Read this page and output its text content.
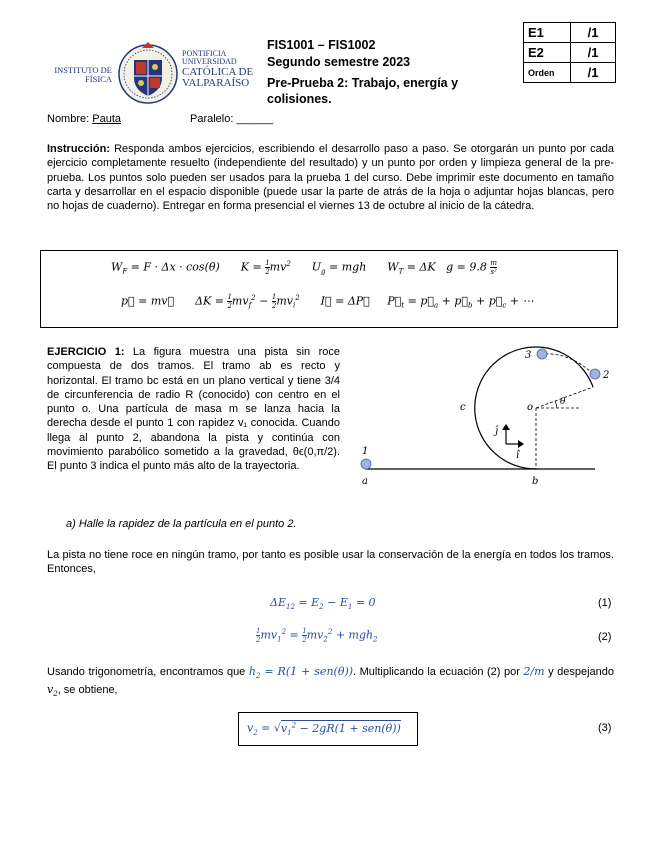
INSTITUTO DE
FÍSICA
PONTIFICIA
UNIVERSIDAD
CATÓLICA DE
VALPARAÍSO
FIS1001 – FIS1002
Segundo semestre 2023
Pre-Prueba 2: Trabajo, energía y colisiones.
E1	/1
E2	/1
Orden	/1
Nombre: Pauta	Paralelo: ______
Instrucción: Responda ambos ejercicios, escribiendo el desarrollo paso a paso. Se otorgarán un punto por cada ejercicio completamente resuelto (independiente del resultado) y un punto por orden y limpieza general de la pre-prueba. Los puntos solo pueden ser usados para la prueba 1 del curso. Debe imprimir este documento en tamaño carta y desarrollar en el espacio disponible (puede usar la parte de atrás de la hoja o adjuntar hojas blancas, pero no hojas de cuaderno). Entregar en forma presencial el viernes 13 de octubre al inicio de la cátedra.
$W_F = F \cdot \Delta x \cdot \cos(\theta)$      $K = \frac{1}{2} mv^2$      $U_g$ = mgh      $W_T = \Delta K$   $g = 9.8 \frac{m}{\text{s²}}$
p⃗ = mv⃗      $\Delta K = \frac{1}{2} mv_f^2 - \frac{1}{2} mv_i^2$      I⃗ = ΔP⃗     $P⃗_t$ = $p⃗_a$ + $p⃗_b$ + $p⃗_c$ + ⋯
EJERCICIO 1: La figura muestra una pista sin roce compuesta de dos tramos. El tramo ab es recto y horizontal. El tramo bc está en un plano vertical y tiene 3/4 de circunferencia de radio R (conocido) con centro en el punto o. Una partícula de masa m se lanza hacia la derecha desde el punto 1 con rapidez v₁ conocida. Cuando llega al punto 2, abandona la pista y continúa con movimiento parabólico sometido a la gravedad, θϵ(0,π/2). El punto 3 indica el punto más alto de la trayectoria.
1
a	b
c	o	θ
2
3
ĵ
î
a) Halle la rapidez de la partícula en el punto 2.
La pista no tiene roce en ningún tramo, por tanto es posible usar la conservación de la energía en todos los tramos. Entonces,
$\Delta E_{12} = E_2 - E_1 = 0$	(1)
$\frac{1}{2} mv_1^2 = \frac{1}{2} mv_2^2 + mgh_2$	(2)
Usando trigonometría, encontramos que $h_2 = R(1 + sen(\theta))$. Multiplicando la ecuación (2) por 2/m y despejando $v_2$, se obtiene,
$v_2 = √v_1^2 - 2gR(1 + sen(\theta))$	(3)
